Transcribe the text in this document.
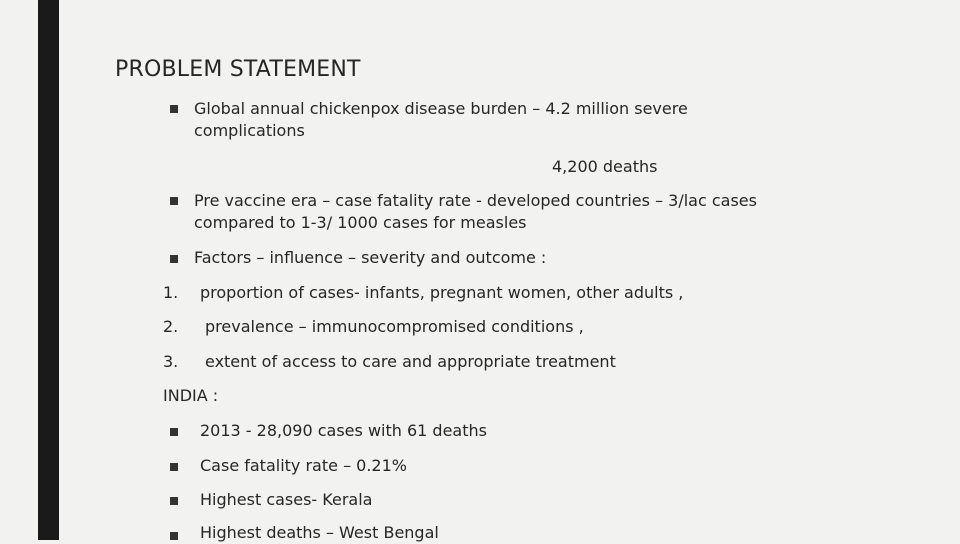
PROBLEM STATEMENT
Global annual chickenpox disease burden – 4.2 million severe
complications
4,200 deaths
Pre vaccine era – case fatality rate - developed countries – 3/lac cases
compared to 1-3/ 1000 cases for measles
Factors – influence – severity and outcome :
1. proportion of cases- infants, pregnant women, other adults ,
2. prevalence – immunocompromised conditions ,
3. extent of access to care and appropriate treatment
INDIA :
2013 - 28,090 cases with 61 deaths
Case fatality rate – 0.21%
Highest cases- Kerala
Highest deaths – West Bengal
